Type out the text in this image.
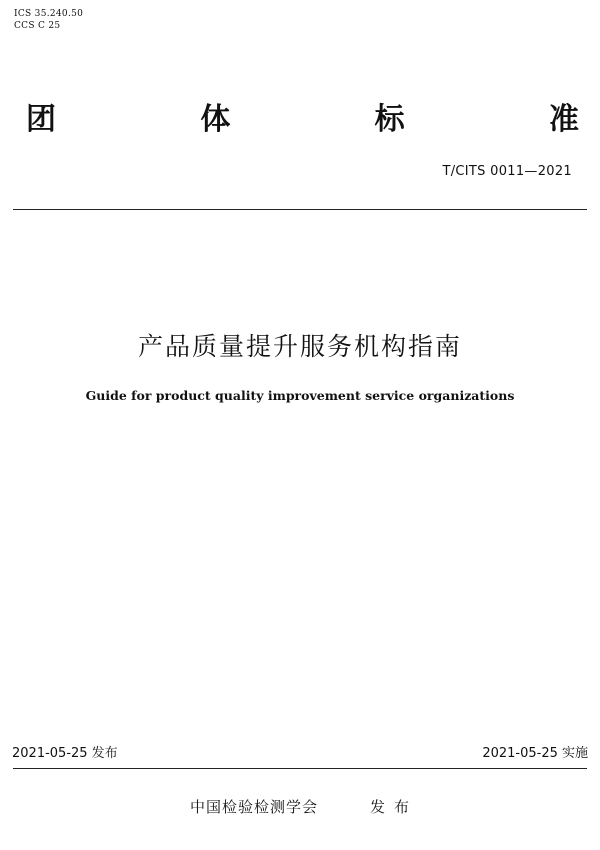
ICS 35.240.50
CCS C 25
团	体	标	准
T/CITS 0011—2021
产品质量提升服务机构指南
Guide for product quality improvement service organizations
2021-05-25 发布	2021-05-25 实施
中国检验检测学会	发布
